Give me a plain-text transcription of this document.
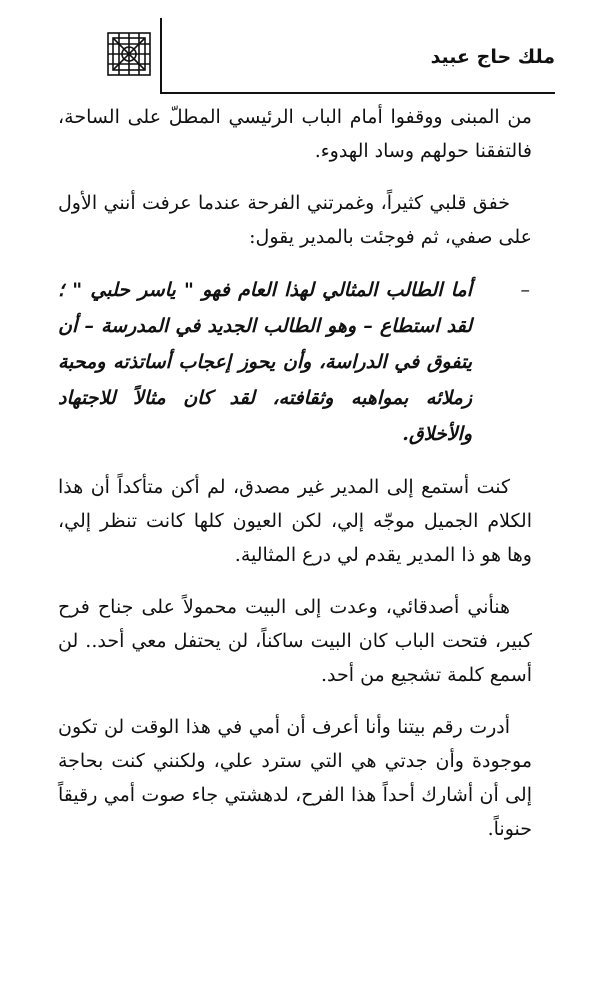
ملك حاج عبيد

من المبنى ووقفوا أمام الباب الرئيسي المطلّ على الساحة، فالتفقنا حولهم وساد الهدوء.

خفق قلبي كثيراً، وغمرتني الفرحة عندما عرفت أنني الأول على صفي، ثم فوجئت بالمدير يقول:

–
أما الطالب المثالي لهذا العام فهو " ياسر حلبي " ؛ لقد استطاع – وهو الطالب الجديد في المدرسة – أن يتفوق في الدراسة، وأن يحوز إعجاب أساتذته ومحبة زملائه بمواهبه وثقافته، لقد كان مثالاً للاجتهاد والأخلاق.

كنت أستمع إلى المدير غير مصدق، لم أكن متأكداً أن هذا الكلام الجميل موجّه إلي، لكن العيون كلها كانت تنظر إلي، وها هو ذا المدير يقدم لي درع المثالية.

هنأني أصدقائي، وعدت إلى البيت محمولاً على جناح فرح كبير، فتحت الباب كان البيت ساكناً، لن يحتفل معي أحد.. لن أسمع كلمة تشجيع من أحد.

أدرت رقم بيتنا وأنا أعرف أن أمي في هذا الوقت لن تكون موجودة وأن جدتي هي التي سترد علي، ولكنني كنت بحاجة إلى أن أشارك أحداً هذا الفرح، لدهشتي جاء صوت أمي رقيقاً حنوناً.
